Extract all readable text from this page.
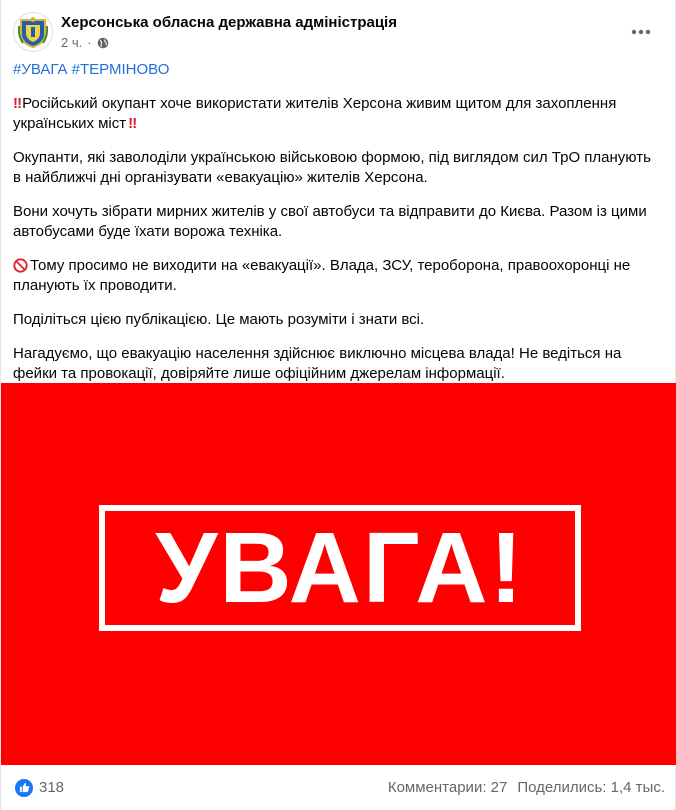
Херсонська обласна державна адміністрація
2 ч. ·

#УВАГА #ТЕРМІНОВО

‼ Російський окупант хоче використати жителів Херсона живим щитом для захоплення українських міст ‼

Окупанти, які заволоділи українською військовою формою, під виглядом сил ТрО планують в найближчі дні організувати «евакуацію» жителів Херсона.

Вони хочуть зібрати мирних жителів у свої автобуси та відправити до Києва. Разом із цими автобусами буде їхати ворожа техніка.

Тому просимо не виходити на «евакуації». Влада, ЗСУ, тероборона, правоохоронці не планують їх проводити.

Поділіться цією публікацією. Це мають розуміти і знати всі.

Нагадуємо, що евакуацію населення здійснює виключно місцева влада! Не ведіться на фейки та провокації, довіряйте лише офіційним джерелам інформації.

УВАГА!
318	Комментарии: 27 Поделились: 1,4 тыс.
